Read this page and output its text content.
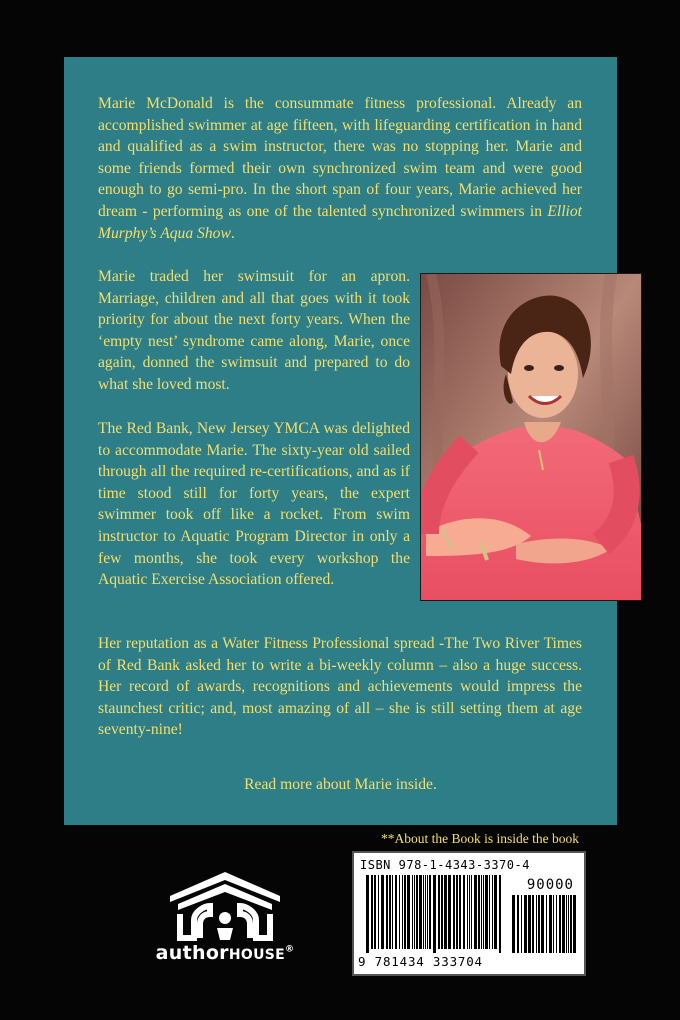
Marie McDonald is the consummate fitness professional. Already an accomplished swimmer at age fifteen, with lifeguarding certification in hand and qualified as a swim instructor, there was no stopping her. Marie and some friends formed their own synchronized swim team and were good enough to go semi-pro. In the short span of four years, Marie achieved her dream - performing as one of the talented synchronized swimmers in Elliot Murphy’s Aqua Show.

Marie traded her swimsuit for an apron. Marriage, children and all that goes with it took priority for about the next forty years. When the ‘empty nest’ syndrome came along, Marie, once again, donned the swimsuit and prepared to do what she loved most.

The Red Bank, New Jersey YMCA was delighted to accommodate Marie. The sixty-year old sailed through all the required re-certifications, and as if time stood still for forty years, the expert swimmer took off like a rocket. From swim instructor to Aquatic Program Director in only a few months, she took every workshop the Aquatic Exercise Association offered.

Her reputation as a Water Fitness Professional spread -The Two River Times of Red Bank asked her to write a bi-weekly column – also a huge success. Her record of awards, recognitions and achievements would impress the staunchest critic; and, most amazing of all – she is still setting them at age seventy-nine!

Read more about Marie inside.

**About the Book is inside the book
ISBN 978-1-4343-3370-4
90000
9 781434 333704
authorHOUSE®
